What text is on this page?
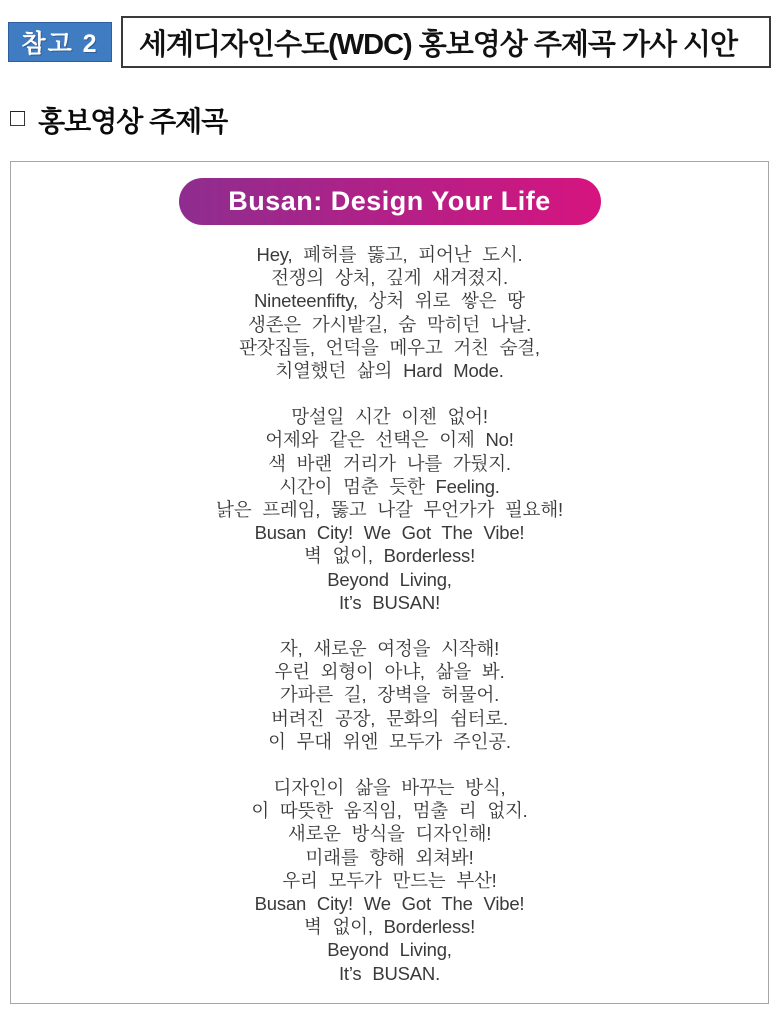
참고 2	세계디자인수도(WDC) 홍보영상 주제곡 가사 시안
□ 홍보영상 주제곡
Busan: Design Your Life
Hey, 폐허를 뚫고, 피어난 도시.
전쟁의 상처, 깊게 새겨졌지.
Nineteenfifty, 상처 위로 쌓은 땅
생존은 가시밭길, 숨 막히던 나날.
판잣집들, 언덕을 메우고 거친 숨결,
치열했던 삶의 Hard Mode.
망설일 시간 이젠 없어!
어제와 같은 선택은 이제 No!
색 바랜 거리가 나를 가뒀지.
시간이 멈춘 듯한 Feeling.
낡은 프레임, 뚫고 나갈 무언가가 필요해!
Busan City! We Got The Vibe!
벽 없이, Borderless!
Beyond Living,
It’s BUSAN!
자, 새로운 여정을 시작해!
우린 외형이 아냐, 삶을 봐.
가파른 길, 장벽을 허물어.
버려진 공장, 문화의 쉼터로.
이 무대 위엔 모두가 주인공.
디자인이 삶을 바꾸는 방식,
이 따뜻한 움직임, 멈출 리 없지.
새로운 방식을 디자인해!
미래를 향해 외쳐봐!
우리 모두가 만드는 부산!
Busan City! We Got The Vibe!
벽 없이, Borderless!
Beyond Living,
It’s BUSAN.
